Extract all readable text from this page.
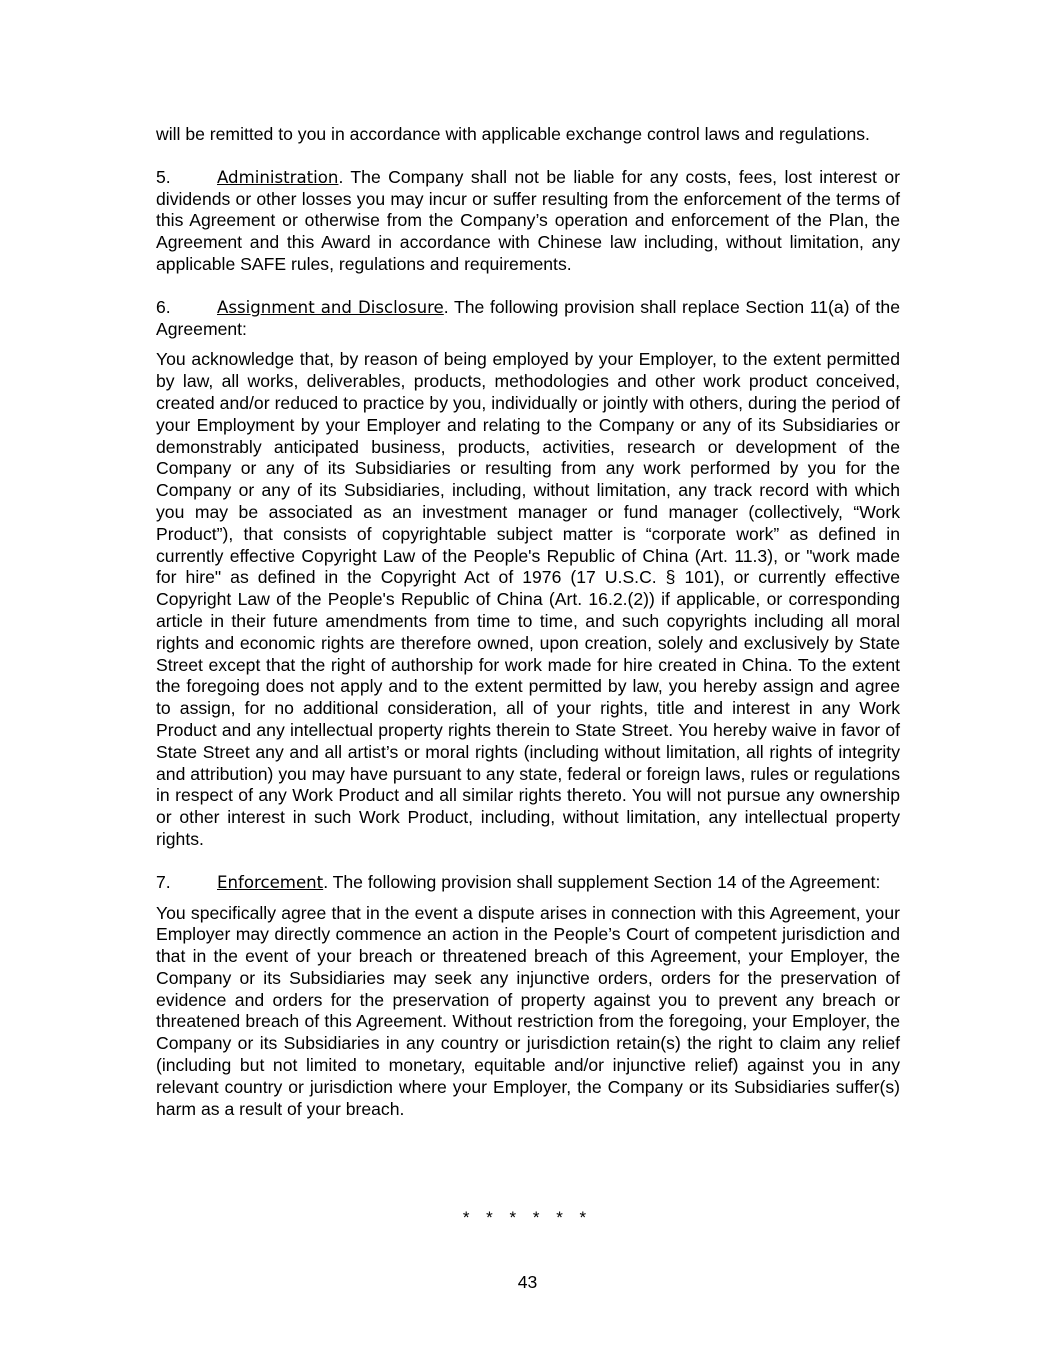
will be remitted to you in accordance with applicable exchange control laws and regulations.

5.	Administration. The Company shall not be liable for any costs, fees, lost interest or dividends or other losses you may incur or suffer resulting from the enforcement of the terms of this Agreement or otherwise from the Company’s operation and enforcement of the Plan, the Agreement and this Award in accordance with Chinese law including, without limitation, any applicable SAFE rules, regulations and requirements.

6.	Assignment and Disclosure. The following provision shall replace Section 11(a) of the Agreement:

You acknowledge that, by reason of being employed by your Employer, to the extent permitted by law, all works, deliverables, products, methodologies and other work product conceived, created and/or reduced to practice by you, individually or jointly with others, during the period of your Employment by your Employer and relating to the Company or any of its Subsidiaries or demonstrably anticipated business, products, activities, research or development of the Company or any of its Subsidiaries or resulting from any work performed by you for the Company or any of its Subsidiaries, including, without limitation, any track record with which you may be associated as an investment manager or fund manager (collectively, “Work Product”), that consists of copyrightable subject matter is “corporate work” as defined in currently effective Copyright Law of the People's Republic of China (Art. 11.3), or "work made for hire" as defined in the Copyright Act of 1976 (17 U.S.C. § 101), or currently effective Copyright Law of the People's Republic of China (Art. 16.2.(2)) if applicable, or corresponding article in their future amendments from time to time, and such copyrights including all moral rights and economic rights are therefore owned, upon creation, solely and exclusively by State Street except that the right of authorship for work made for hire created in China. To the extent the foregoing does not apply and to the extent permitted by law, you hereby assign and agree to assign, for no additional consideration, all of your rights, title and interest in any Work Product and any intellectual property rights therein to State Street. You hereby waive in favor of State Street any and all artist’s or moral rights (including without limitation, all rights of integrity and attribution) you may have pursuant to any state, federal or foreign laws, rules or regulations in respect of any Work Product and all similar rights thereto. You will not pursue any ownership or other interest in such Work Product, including, without limitation, any intellectual property rights.

7.	Enforcement. The following provision shall supplement Section 14 of the Agreement:

You specifically agree that in the event a dispute arises in connection with this Agreement, your Employer may directly commence an action in the People’s Court of competent jurisdiction and that in the event of your breach or threatened breach of this Agreement, your Employer, the Company or its Subsidiaries may seek any injunctive orders, orders for the preservation of evidence and orders for the preservation of property against you to prevent any breach or threatened breach of this Agreement. Without restriction from the foregoing, your Employer, the Company or its Subsidiaries in any country or jurisdiction retain(s) the right to claim any relief (including but not limited to monetary, equitable and/or injunctive relief) against you in any relevant country or jurisdiction where your Employer, the Company or its Subsidiaries suffer(s) harm as a result of your breach.

* * * * * *
43
